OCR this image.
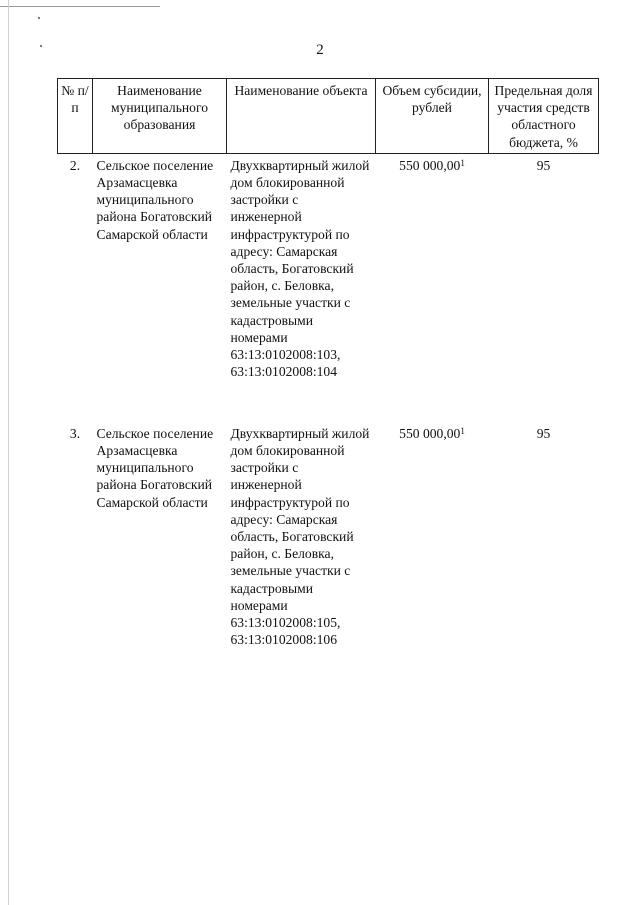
2
№ п/п	Наименование муниципального образования	Наименование объекта	Объем субсидии, рублей	Предельная доля участия средств областного бюджета, %
2.	Сельское поселение Арзамасцевка муниципального района Богатовский Самарской области	Двухквартирный жилой дом блокированной застройки с инженерной инфраструктурой по адресу: Самарская область, Богатовский район, с. Беловка, земельные участки с кадастровыми номерами 63:13:0102008:103, 63:13:0102008:104	550 000,00$^1$	95
3.	Сельское поселение Арзамасцевка муниципального района Богатовский Самарской области	Двухквартирный жилой дом блокированной застройки с инженерной инфраструктурой по адресу: Самарская область, Богатовский район, с. Беловка, земельные участки с кадастровыми номерами 63:13:0102008:105, 63:13:0102008:106	550 000,00$^1$	95
